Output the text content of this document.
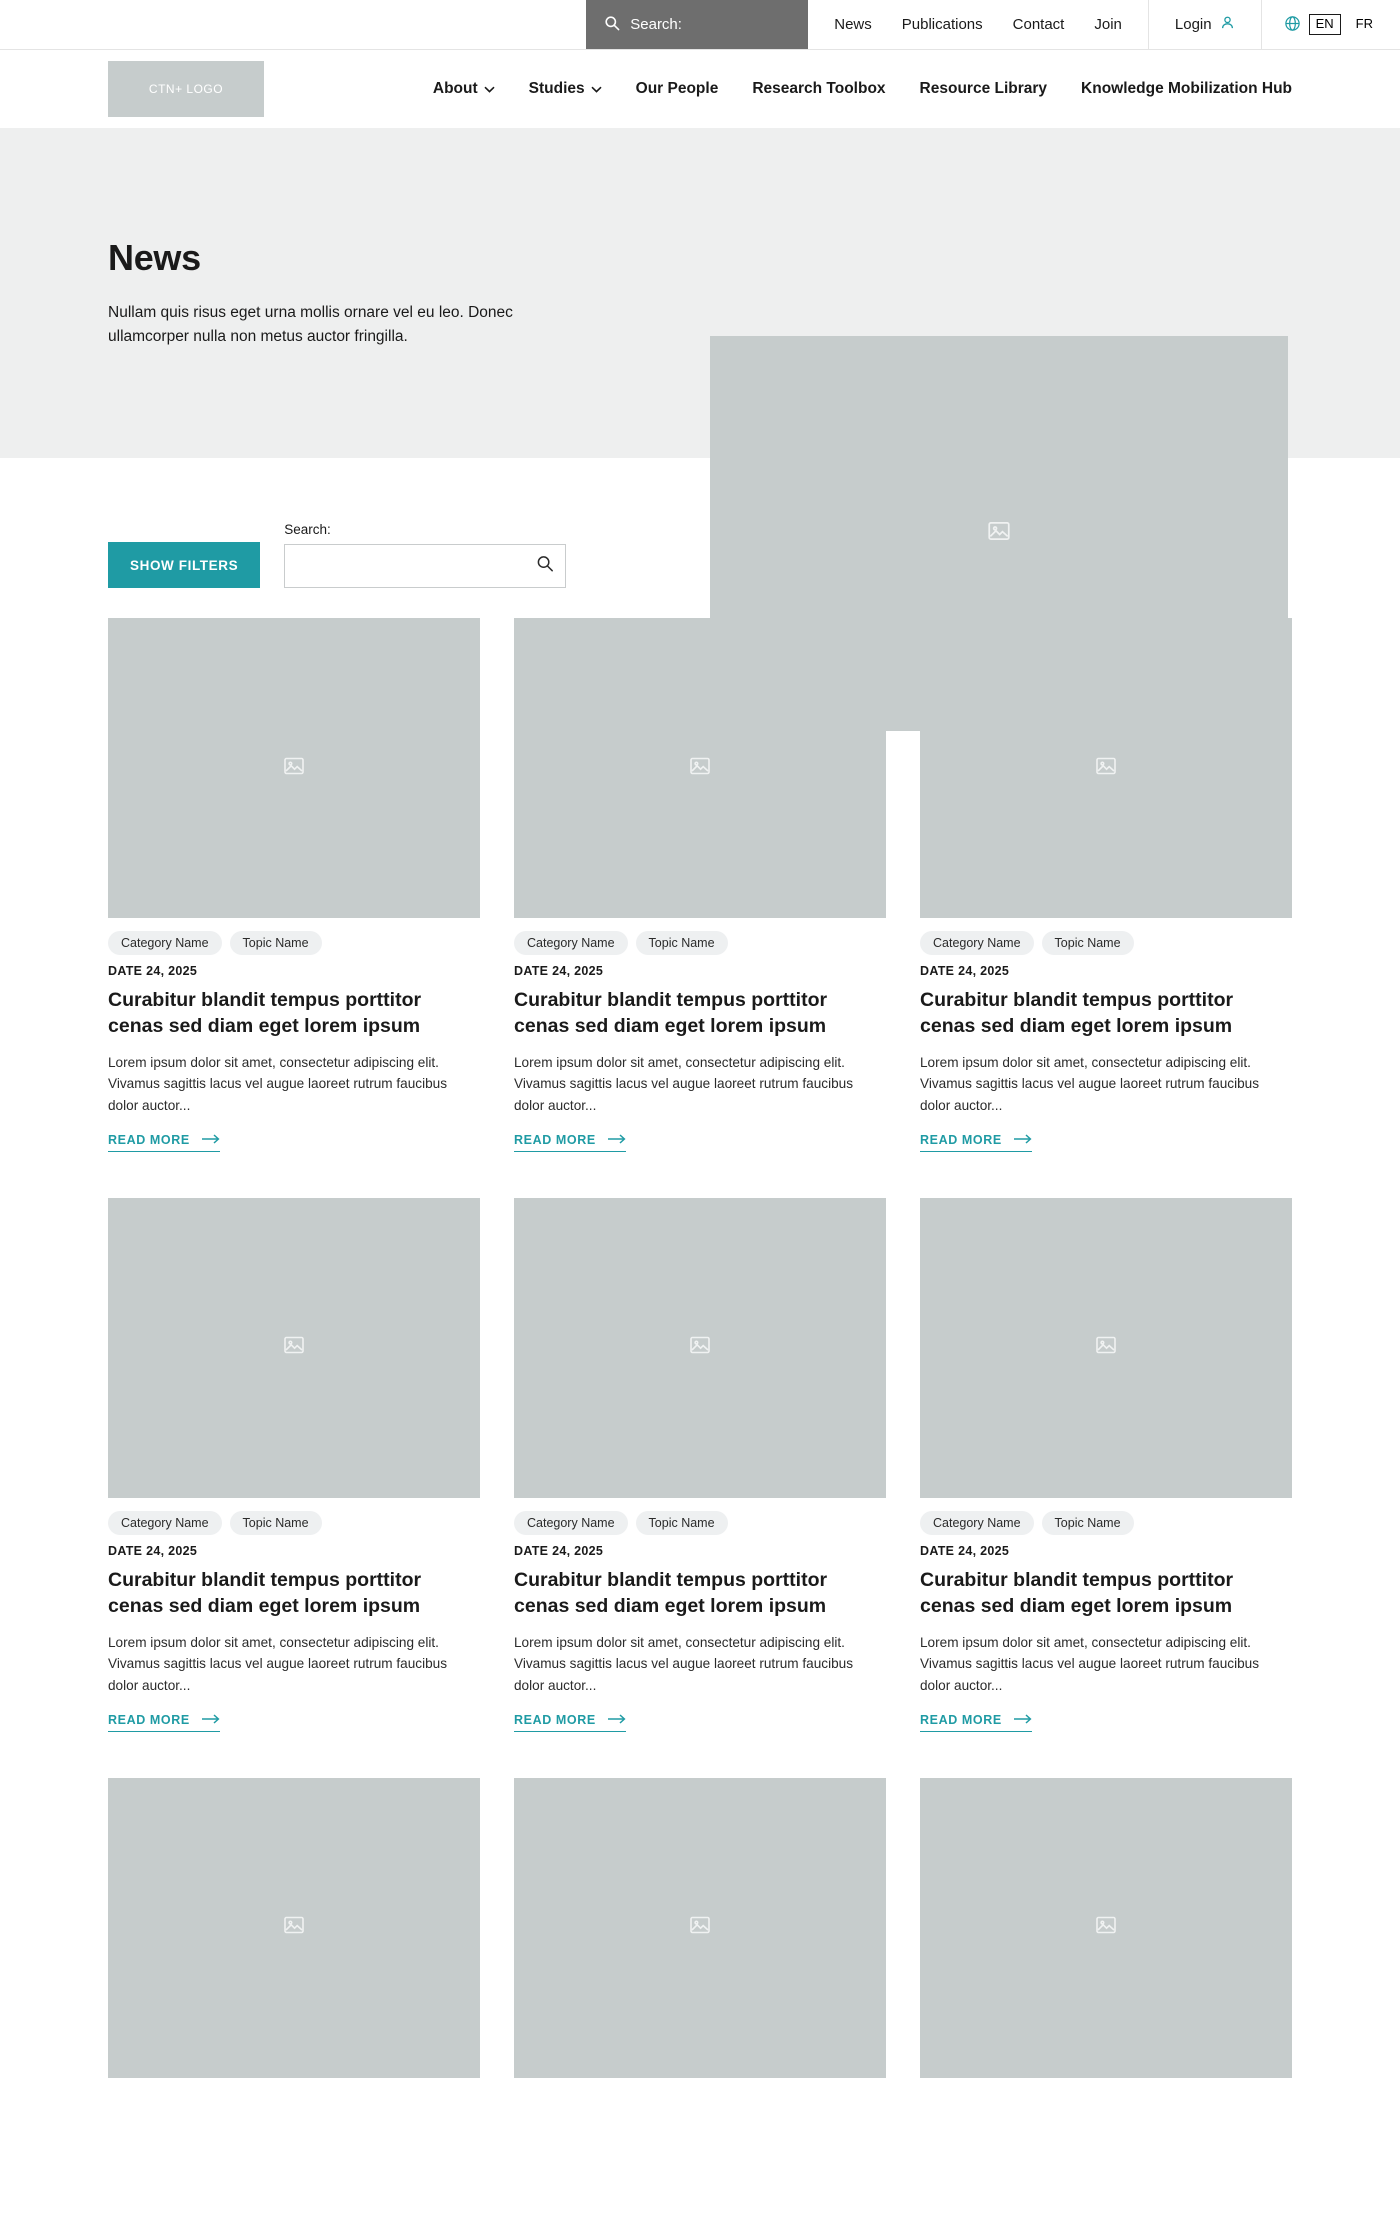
Search:	News Publications Contact Join	Login	EN	FR
CTN+ LOGO	About	Studies	Our People Research Toolbox Resource Library Knowledge Mobilization Hub
News

Nullam quis risus eget urna mollis ornare vel eu leo. Donec ullamcorper nulla non metus auctor fringilla.

SHOW FILTERS
Search:
Category Name	Topic Name
DATE 24, 2025
Curabitur blandit tempus porttitor cenas sed diam eget lorem ipsum

Lorem ipsum dolor sit amet, consectetur adipiscing elit. Vivamus sagittis lacus vel augue laoreet rutrum faucibus dolor auctor...

READ MORE
Category Name	Topic Name
DATE 24, 2025
Curabitur blandit tempus porttitor cenas sed diam eget lorem ipsum

Lorem ipsum dolor sit amet, consectetur adipiscing elit. Vivamus sagittis lacus vel augue laoreet rutrum faucibus dolor auctor...

READ MORE
Category Name	Topic Name
DATE 24, 2025
Curabitur blandit tempus porttitor cenas sed diam eget lorem ipsum

Lorem ipsum dolor sit amet, consectetur adipiscing elit. Vivamus sagittis lacus vel augue laoreet rutrum faucibus dolor auctor...

READ MORE
Category Name	Topic Name
DATE 24, 2025
Curabitur blandit tempus porttitor cenas sed diam eget lorem ipsum

Lorem ipsum dolor sit amet, consectetur adipiscing elit. Vivamus sagittis lacus vel augue laoreet rutrum faucibus dolor auctor...

READ MORE
Category Name	Topic Name
DATE 24, 2025
Curabitur blandit tempus porttitor cenas sed diam eget lorem ipsum

Lorem ipsum dolor sit amet, consectetur adipiscing elit. Vivamus sagittis lacus vel augue laoreet rutrum faucibus dolor auctor...

READ MORE
Category Name	Topic Name
DATE 24, 2025
Curabitur blandit tempus porttitor cenas sed diam eget lorem ipsum

Lorem ipsum dolor sit amet, consectetur adipiscing elit. Vivamus sagittis lacus vel augue laoreet rutrum faucibus dolor auctor...

READ MORE
